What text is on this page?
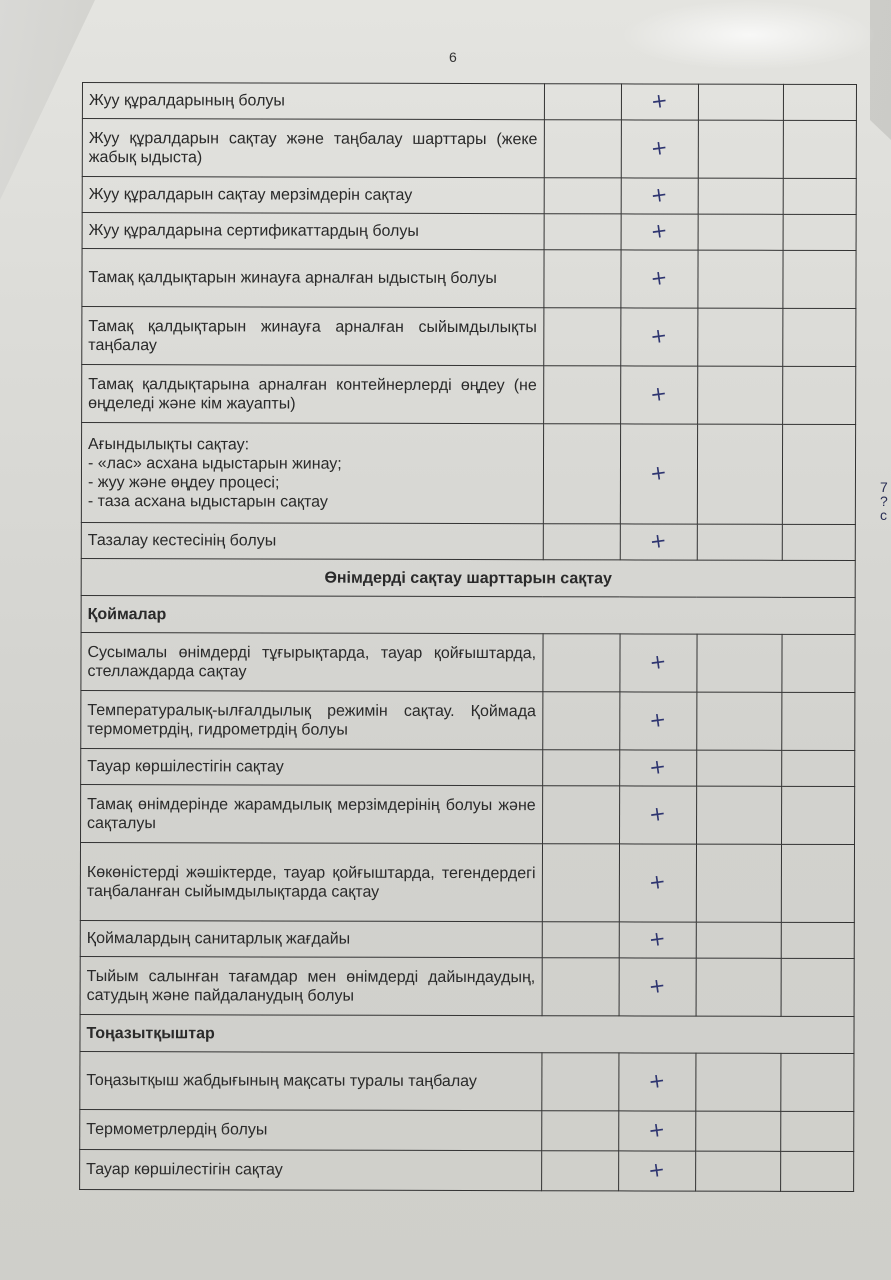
6
Жуу құралдарының болуы		+		
Жуу құралдарын сақтау және таңбалау шарттары (жеке жабық ыдыста)		+		
Жуу құралдарын сақтау мерзімдерін сақтау		+		
Жуу құралдарына сертификаттардың болуы		+		
Тамақ қалдықтарын жинауға арналған ыдыстың болуы		+		
Тамақ қалдықтарын жинауға арналған сыйымдылықты таңбалау		+		
Тамақ қалдықтарына арналған контейнерлерді өңдеу (не өңделеді және кім жауапты)		+		

Ағындылықты сақтау:
- «лас» асхана ыдыстарын жинау;
- жуу және өңдеу процесі;
- таза асхана ыдыстарын сақтау		+		
Тазалау кестесінің болуы		+		
Өнімдерді сақтау шарттарын сақтау				
Қоймалар				
Сусымалы өнімдерді тұғырықтарда, тауар қойғыштарда, стеллаждарда сақтау		+		
Температуралық-ылғалдылық режимін сақтау. Қоймада термометрдің, гидрометрдің болуы		+		
Тауар көршілестігін сақтау		+		
Тамақ өнімдерінде жарамдылық мерзімдерінің болуы және сақталуы		+		
Көкөністерді жәшіктерде, тауар қойғыштарда, тегендердегі таңбаланған сыйымдылықтарда сақтау		+		
Қоймалардың санитарлық жағдайы		+		
Тыйым салынған тағамдар мен өнімдерді дайындаудың, сатудың және пайдаланудың болуы		+		
Тоңазытқыштар				
Тоңазытқыш жабдығының мақсаты туралы таңбалау		+		
Термометрлердің болуы		+		
Тауар көршілестігін сақтау		+		
7
?
с
